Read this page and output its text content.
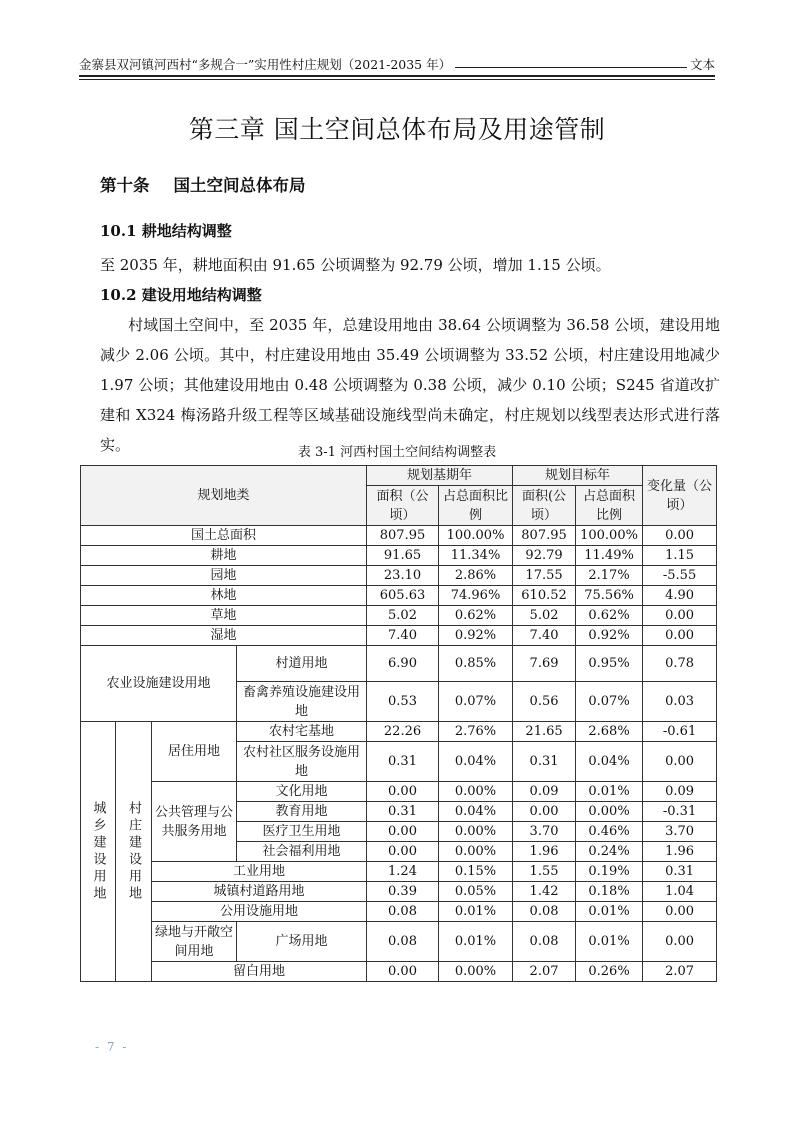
金寨县双河镇河西村“多规合一”实用性村庄规划（2021-2035 年）	文本
第三章 国土空间总体布局及用途管制
第十条 国土空间总体布局
10.1 耕地结构调整
至 2035 年，耕地面积由 91.65 公顷调整为 92.79 公顷，增加 1.15 公顷。
10.2 建设用地结构调整
村域国土空间中，至 2035 年，总建设用地由 38.64 公顷调整为 36.58 公顷，建设用地减少 2.06 公顷。其中，村庄建设用地由 35.49 公顷调整为 33.52 公顷，村庄建设用地减少 1.97 公顷；其他建设用地由 0.48 公顷调整为 0.38 公顷，减少 0.10 公顷；S245 省道改扩建和 X324 梅汤路升级工程等区域基础设施线型尚未确定，村庄规划以线型表达形式进行落实。	表 3-1 河西村国土空间结构调整表
规划地类				规划基期年		规划目标年		变化量（公顷）
				面积（公顷）	占总面积比例	面积(公顷）	占总面积比例	
国土总面积				807.95	100.00%	807.95	100.00%	0.00
耕地				91.65	11.34%	92.79	11.49%	1.15
园地				23.10	2.86%	17.55	2.17%	-5.55
林地				605.63	74.96%	610.52	75.56%	4.90
草地				5.02	0.62%	5.02	0.62%	0.00
湿地				7.40	0.92%	7.40	0.92%	0.00
农业设施建设用地			村道用地	6.90	0.85%	7.69	0.95%	0.78
			畜禽养殖设施建设用地	0.53	0.07%	0.56	0.07%	0.03

城乡建设用地	村庄建设用地	居住用地	农村宅基地	22.26	2.76%	21.65	2.68%	-0.61
			农村社区服务设施用地	0.31	0.04%	0.31	0.04%	0.00
		公共管理与公共服务用地	文化用地	0.00	0.00%	0.09	0.01%	0.09
			教育用地	0.31	0.04%	0.00	0.00%	-0.31
			医疗卫生用地	0.00	0.00%	3.70	0.46%	3.70
			社会福利用地	0.00	0.00%	1.96	0.24%	1.96
		工业用地		1.24	0.15%	1.55	0.19%	0.31
		城镇村道路用地		0.39	0.05%	1.42	0.18%	1.04
		公用设施用地		0.08	0.01%	0.08	0.01%	0.00
		绿地与开敞空间用地	广场用地	0.08	0.01%	0.08	0.01%	0.00
		留白用地		0.00	0.00%	2.07	0.26%	2.07
- 7 -
